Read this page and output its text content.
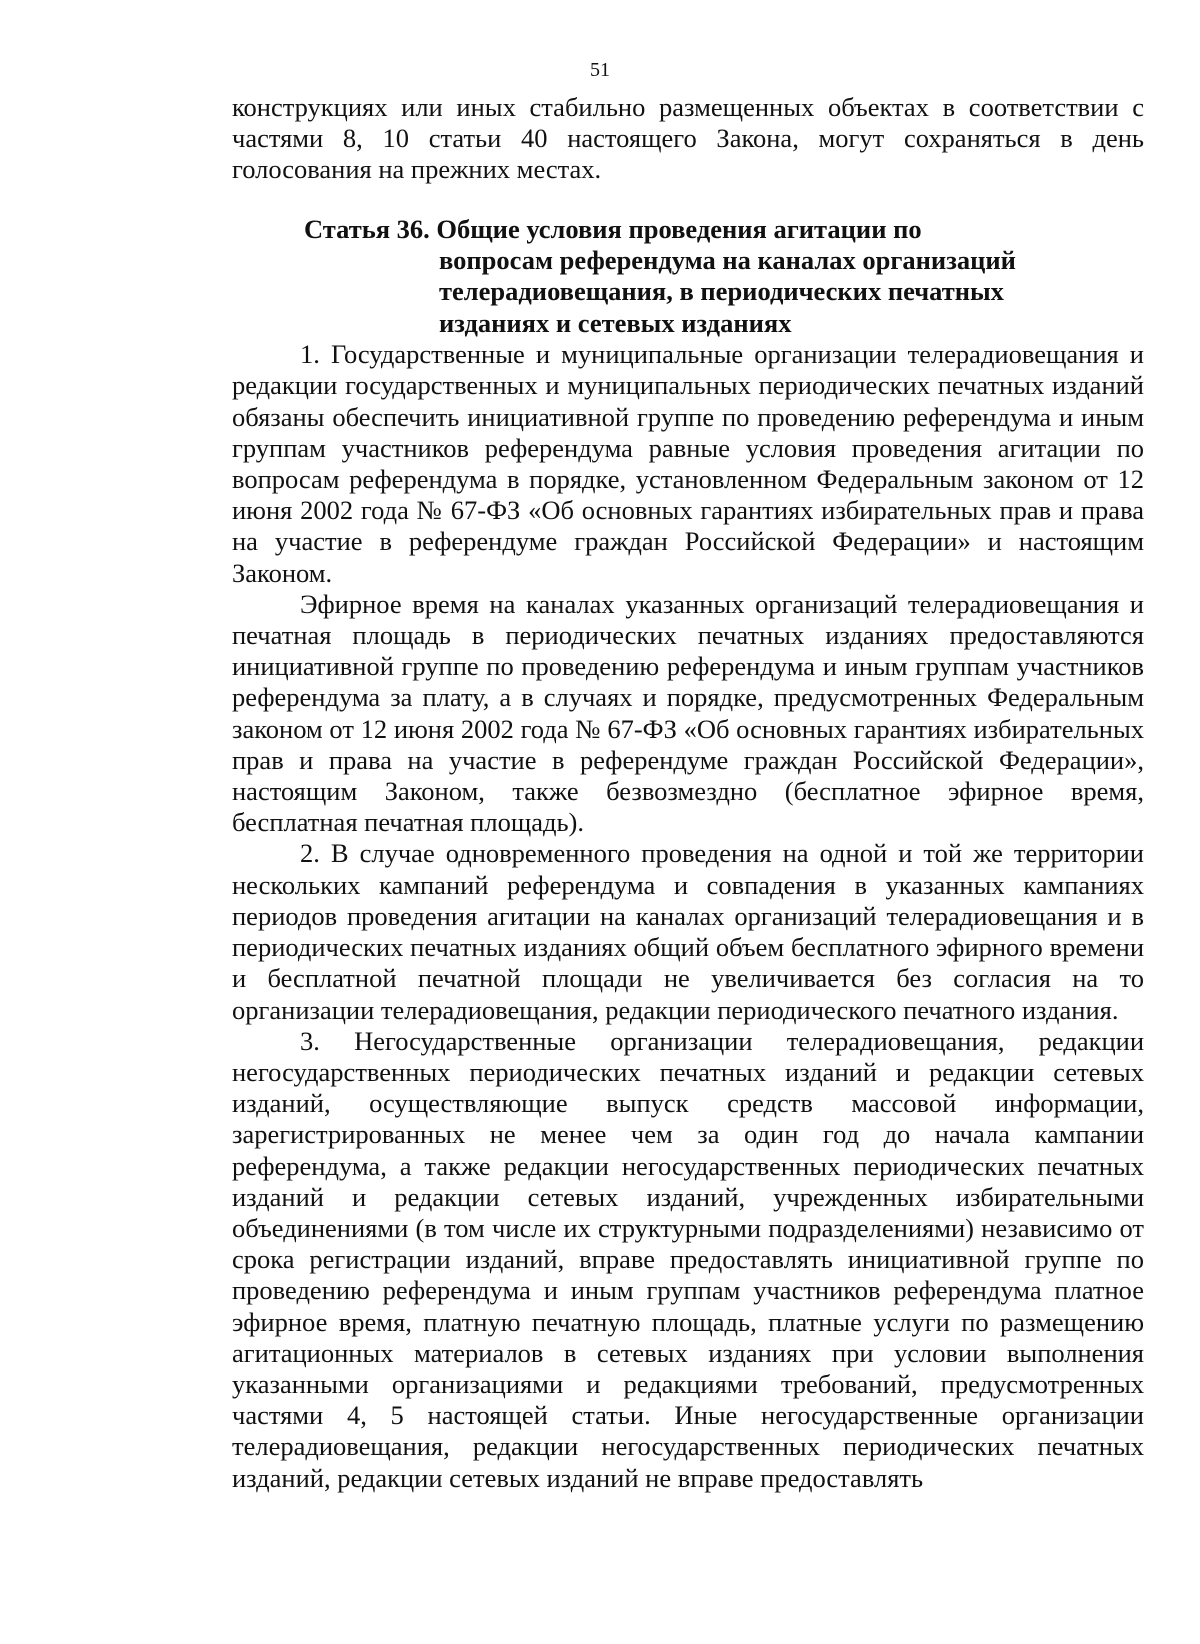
51

конструкциях или иных стабильно размещенных объектах в соответствии с частями 8, 10 статьи 40 настоящего Закона, могут сохраняться в день голосования на прежних местах.

Статья 36. Общие условия проведения агитации по
вопросам референдума на каналах организаций
телерадиовещания, в периодических печатных
изданиях и сетевых изданиях

1. Государственные и муниципальные организации телерадиовещания и редакции государственных и муниципальных периодических печатных изданий обязаны обеспечить инициативной группе по проведению референдума и иным группам участников референдума равные условия проведения агитации по вопросам референдума в порядке, установленном Федеральным законом от 12 июня 2002 года № 67-ФЗ «Об основных гарантиях избирательных прав и права на участие в референдуме граждан Российской Федерации» и настоящим Законом.

Эфирное время на каналах указанных организаций телерадиовещания и печатная площадь в периодических печатных изданиях предоставляются инициативной группе по проведению референдума и иным группам участников референдума за плату, а в случаях и порядке, предусмотренных Федеральным законом от 12 июня 2002 года № 67-ФЗ «Об основных гарантиях избирательных прав и права на участие в референдуме граждан Российской Федерации», настоящим Законом, также безвозмездно (бесплатное эфирное время, бесплатная печатная площадь).

2. В случае одновременного проведения на одной и той же территории нескольких кампаний референдума и совпадения в указанных кампаниях периодов проведения агитации на каналах организаций телерадиовещания и в периодических печатных изданиях общий объем бесплатного эфирного времени и бесплатной печатной площади не увеличивается без согласия на то организации телерадиовещания, редакции периодического печатного издания.

3. Негосударственные организации телерадиовещания, редакции негосударственных периодических печатных изданий и редакции сетевых изданий, осуществляющие выпуск средств массовой информации, зарегистрированных не менее чем за один год до начала кампании референдума, а также редакции негосударственных периодических печатных изданий и редакции сетевых изданий, учрежденных избирательными объединениями (в том числе их структурными подразделениями) независимо от срока регистрации изданий, вправе предоставлять инициативной группе по проведению референдума и иным группам участников референдума платное эфирное время, платную печатную площадь, платные услуги по размещению агитационных материалов в сетевых изданиях при условии выполнения указанными организациями и редакциями требований, предусмотренных частями 4, 5 настоящей статьи. Иные негосударственные организации телерадиовещания, редакции негосударственных периодических печатных изданий, редакции сетевых изданий не вправе предоставлять
